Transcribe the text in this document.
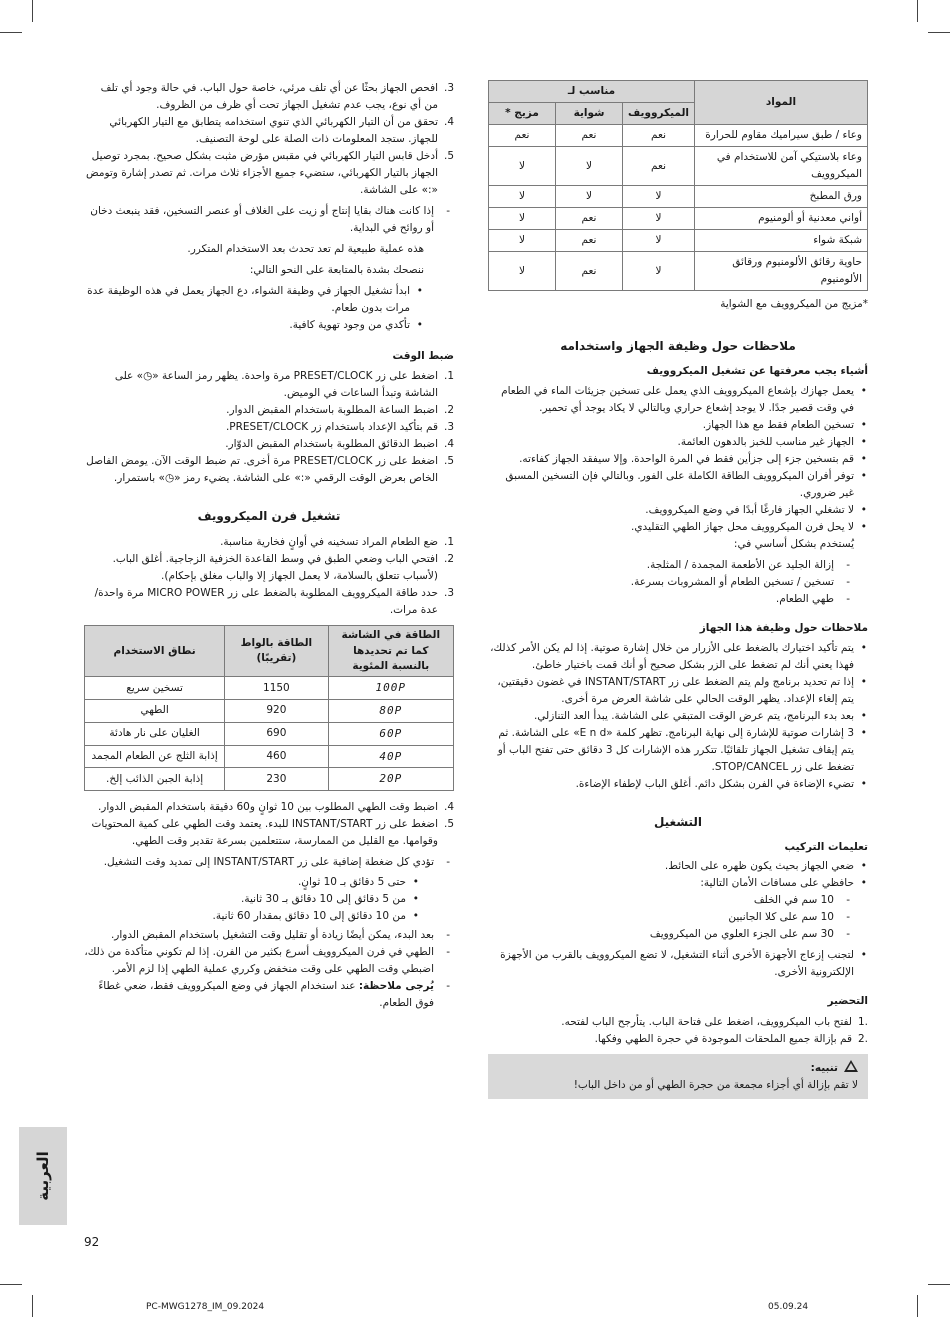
المواد	مناسب لـ		
	الميكروويف	شواية	مزيج *
وعاء / طبق سيراميك مقاوم للحرارة	نعم	نعم	نعم
وعاء بلاستيكي آمن للاستخدام في الميكروويف	نعم	لا	لا
ورق المطبخ	لا	لا	لا
أواني معدنية أو ألومنيوم	لا	نعم	لا
شبكة شواء	لا	نعم	لا
حاوية رقائق الألومنيوم ورقائق الألومنيوم	لا	نعم	لا

*مزيج من الميكروويف مع الشواية

ملاحظات حول وظيفة الجهاز واستخدامه

أشياء يجب معرفتها عن تشغيل الميكروويف

• يعمل جهازك بإشعاع الميكروويف الذي يعمل على تسخين جزيئات الماء في الطعام في وقت قصير جدًا. لا يوجد إشعاع حراري وبالتالي لا يكاد يوجد أي تحمير.
• تسخين الطعام فقط مع هذا الجهاز.
• الجهاز غير مناسب للخبز بالدهون العائمة.
• قم بتسخين جزء إلى جزأين فقط في المرة الواحدة. وإلا سيفقد الجهاز كفاءته.
• توفر أفران الميكروويف الطاقة الكاملة على الفور. وبالتالي فإن التسخين المسبق غير ضروري.
• لا تشغلي الجهاز فارغًا أبدًا في وضع الميكروويف.
• لا يحل فرن الميكروويف محل جهاز الطهي التقليدي.

يُستخدم بشكل أساسي في:

- إزالة الجليد عن الأطعمة المجمدة / المثلجة.
- تسخين / تسخين الطعام أو المشروبات بسرعة.
- طهي الطعام.

ملاحظات حول وظيفة هذا الجهاز

• يتم تأكيد اختيارك بالضغط على الأزرار من خلال إشارة صوتية. إذا لم يكن الأمر كذلك، فهذا يعني أنك لم تضغط على الزر بشكل صحيح أو أنك قمت باختيار خاطئ.
• إذا تم تحديد برنامج ولم يتم الضغط على زر INSTANT/START في غضون دقيقتين، يتم إلغاء الإعداد. يظهر الوقت الحالي على شاشة العرض مرة أخرى.
• بعد بدء البرنامج، يتم عرض الوقت المتبقي على الشاشة. يبدأ العد التنازلي.
• 3 إشارات صوتية للإشارة إلى نهاية البرنامج. تظهر كلمة «E n d» على الشاشة. ثم يتم إيقاف تشغيل الجهاز تلقائيًا. تتكرر هذه الإشارات كل 3 دقائق حتى تفتح الباب أو تضغط على زر STOP/CANCEL.
• تضيء الإضاءة في الفرن بشكل دائم. أغلق الباب لإطفاء الإضاءة.

التشغيل

تعليمات التركيب

• ضعي الجهاز بحيث يكون ظهره على الحائط.
• حافظي على مسافات الأمان التالية:
- 10 سم في الخلف
- 10 سم على كلا الجانبين
- 30 سم على الجزء العلوي من الميكروويف
• لتجنب إزعاج الأجهزة الأخرى أثناء التشغيل، لا تضع الميكروويف بالقرب من الأجهزة الإلكترونية الأخرى.

التحضير

.1
لفتح باب الميكروويف، اضغط على فتاحة الباب. يتأرجح الباب لفتحه.
.2
قم بإزالة جميع الملحقات الموجودة في حجرة الطهي وفكها.
تنبيه:
لا تقم بإزالة أي أجزاء مجمعة من حجرة الطهي أو من داخل الباب!
3.
افحص الجهاز بحثًا عن أي تلف مرئي، خاصة حول الباب. في حالة وجود أي تلف من أي نوع، يجب عدم تشغيل الجهاز تحت أي ظرف من الظروف.
4.
تحقق من أن التيار الكهربائي الذي تنوي استخدامه يتطابق مع التيار الكهربائي للجهاز. ستجد المعلومات ذات الصلة على لوحة التصنيف.
5.
أدخل قابس التيار الكهربائي في مقبس مؤرض مثبت بشكل صحيح. بمجرد توصيل الجهاز بالتيار الكهربائي، ستضيء جميع الأجزاء ثلاث مرات. ثم تصدر إشارة وتومض «:» على الشاشة.
- إذا كانت هناك بقايا إنتاج أو زيت على الغلاف أو عنصر التسخين، فقد ينبعث دخان أو روائح في البداية.

هذه عملية طبيعية لم تعد تحدث بعد الاستخدام المتكرر.

ننصحك بشدة بالمتابعة على النحو التالي:

• ابدأ تشغيل الجهاز في وظيفة الشواء، دع الجهاز يعمل في هذه الوظيفة عدة مرات بدون طعام.
• تأكدي من وجود تهوية كافية.

ضبط الوقت

1.
اضغط على زر PRESET/CLOCK مرة واحدة. يظهر رمز الساعة «◷» على الشاشة وتبدأ الساعات في الوميض.
2.
اضبط الساعة المطلوبة باستخدام المقبض الدوار.
3.
قم بتأكيد الإعداد باستخدام زر PRESET/CLOCK.
4.
اضبط الدقائق المطلوبة باستخدام المقبض الدوّار.
5.
اضغط على زر PRESET/CLOCK مرة أخرى. تم ضبط الوقت الآن. يومض الفاصل الخاص بعرض الوقت الرقمي «:» على الشاشة. يضيء رمز «◷» باستمرار.

تشغيل فرن الميكروويف

1.
ضع الطعام المراد تسخينه في أوانٍ فخارية مناسبة.
2.
افتحي الباب وضعي الطبق في وسط القاعدة الخزفية الزجاجية. أغلق الباب. (لأسباب تتعلق بالسلامة، لا يعمل الجهاز إلا والباب مغلق بإحكام).
3.
حدد طاقة الميكروويف المطلوبة بالضغط على زر MICRO POWER مرة واحدة/عدة مرات.
الطاقة في الشاشة كما تم تحديدها بالنسبة المئوية	الطاقة بالواط (تقريبًا)	نطاق الاستخدام
100P	1150	تسخين سريع
80P	920	الطهي
60P	690	الغليان على نار هادئة
40P	460	إذابة الثلج عن الطعام المجمد
20P	230	إذابة الجبن الذائب إلخ.
4.
اضبط وقت الطهي المطلوب بين 10 ثوانٍ و60 دقيقة باستخدام المقبض الدوار.
5.
اضغط على زر INSTANT/START للبدء. يعتمد وقت الطهي على كمية المحتويات وقوامها. مع القليل من الممارسة، ستتعلمين بسرعة تقدير وقت الطهي.
- تؤدي كل ضغطة إضافية على زر INSTANT/START إلى تمديد وقت التشغيل.
• حتى 5 دقائق بـ 10 ثوانٍ.
• من 5 دقائق إلى 10 دقائق بـ 30 ثانية.
• من 10 دقائق إلى 10 دقائق بمقدار 60 ثانية.
- بعد البدء، يمكن أيضًا زيادة أو تقليل وقت التشغيل باستخدام المقبض الدوار.
- الطهي في فرن الميكروويف أسرع بكثير من الفرن. إذا لم تكوني متأكدة من ذلك، اضبطي وقت الطهي على وقت منخفض وكرري عملية الطهي إذا لزم الأمر.
- يُرجى ملاحظة: عند استخدام الجهاز في وضع الميكروويف فقط، ضعي غطاءً فوق الطعام.
العربية
92
PC-MWG1278_IM_09.2024	05.09.24
